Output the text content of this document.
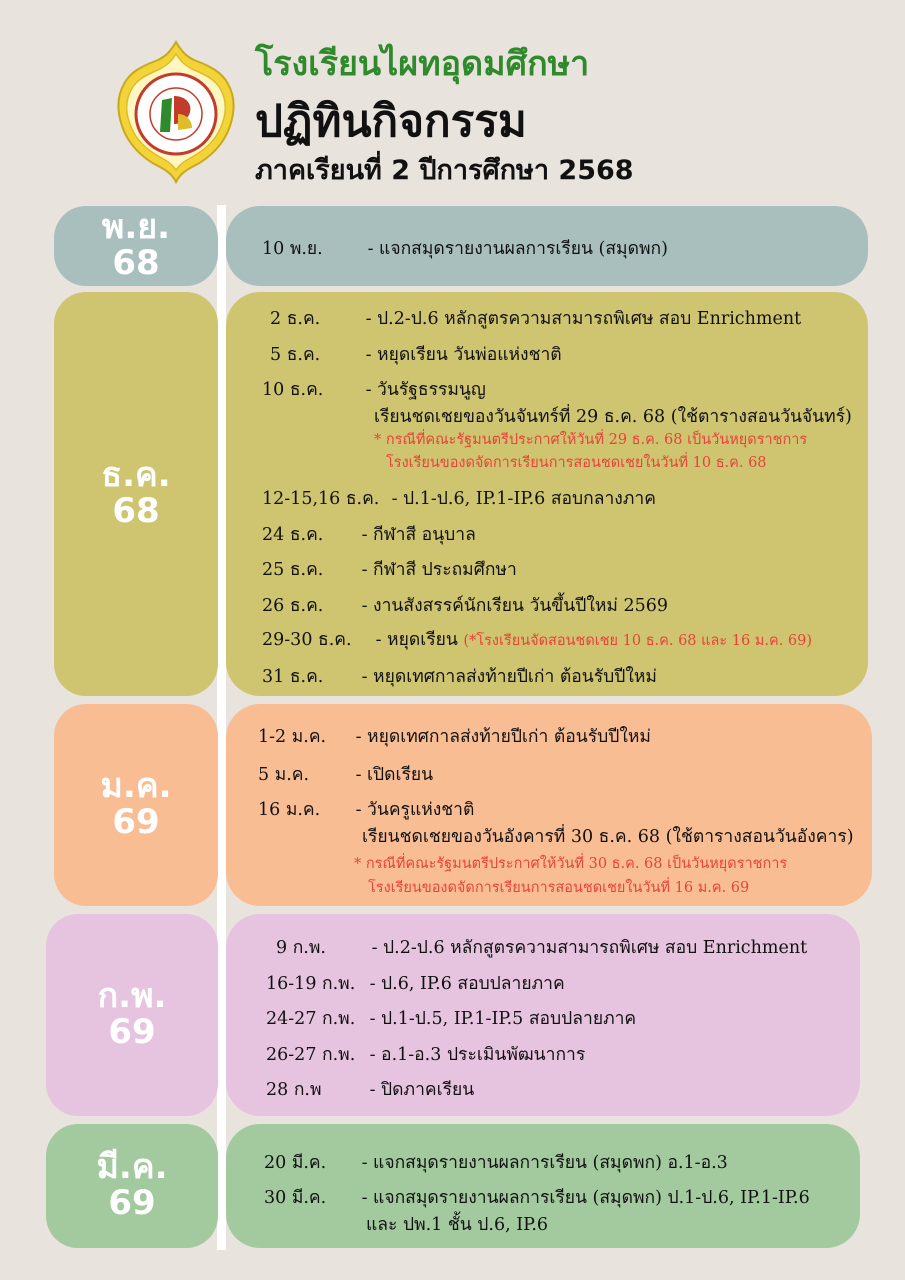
โรงเรียนไผทอุดมศึกษา
ปฏิทินกิจกรรม
ภาคเรียนที่ 2 ปีการศึกษา 2568
พ.ย.
68	10 พ.ย.	- แจกสมุดรายงานผลการเรียน (สมุดพก)
ธ.ค.
68
2 ธ.ค.	- ป.2-ป.6 หลักสูตรความสามารถพิเศษ สอบ Enrichment
5 ธ.ค.	- หยุดเรียน วันพ่อแห่งชาติ
10 ธ.ค. - วันรัฐธรรมนูญ
เรียนชดเชยของวันจันทร์ที่ 29 ธ.ค. 68 (ใช้ตารางสอนวันจันทร์)
* กรณีที่คณะรัฐมนตรีประกาศให้วันที่ 29 ธ.ค. 68 เป็นวันหยุดราชการ
โรงเรียนของดจัดการเรียนการสอนชดเชยในวันที่ 10 ธ.ค. 68
12-15,16 ธ.ค. - ป.1-ป.6, IP.1-IP.6 สอบกลางภาค
24 ธ.ค. - กีฬาสี อนุบาล
25 ธ.ค. - กีฬาสี ประถมศึกษา
26 ธ.ค. - งานสังสรรค์นักเรียน วันขึ้นปีใหม่ 2569
29-30 ธ.ค. - หยุดเรียน (*โรงเรียนจัดสอนชดเชย 10 ธ.ค. 68 และ 16 ม.ค. 69)
31 ธ.ค. - หยุดเทศกาลส่งท้ายปีเก่า ต้อนรับปีใหม่
ม.ค.
69
1-2 ม.ค. - หยุดเทศกาลส่งท้ายปีเก่า ต้อนรับปีใหม่
5 ม.ค.	- เปิดเรียน
16 ม.ค. - วันครูแห่งชาติ
เรียนชดเชยของวันอังคารที่ 30 ธ.ค. 68 (ใช้ตารางสอนวันอังคาร)
* กรณีที่คณะรัฐมนตรีประกาศให้วันที่ 30 ธ.ค. 68 เป็นวันหยุดราชการ
โรงเรียนของดจัดการเรียนการสอนชดเชยในวันที่ 16 ม.ค. 69
ก.พ.
69
9 ก.พ.	- ป.2-ป.6 หลักสูตรความสามารถพิเศษ สอบ Enrichment
16-19 ก.พ. - ป.6, IP.6 สอบปลายภาค
24-27 ก.พ. - ป.1-ป.5, IP.1-IP.5 สอบปลายภาค
26-27 ก.พ. - อ.1-อ.3 ประเมินพัฒนาการ
28 ก.พ	- ปิดภาคเรียน
มี.ค.
69
20 มี.ค. - แจกสมุดรายงานผลการเรียน (สมุดพก) อ.1-อ.3
30 มี.ค. - แจกสมุดรายงานผลการเรียน (สมุดพก) ป.1-ป.6, IP.1-IP.6
และ ปพ.1 ชั้น ป.6, IP.6
